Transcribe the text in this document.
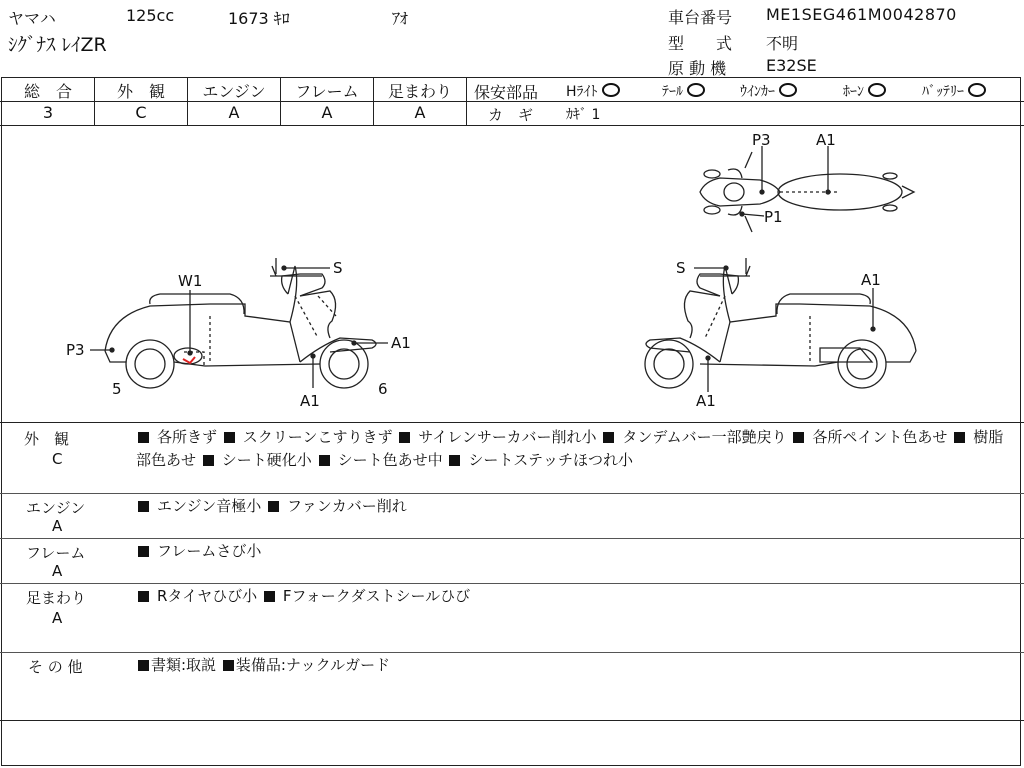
ヤマハ	125cc	1673 ｷﾛ	ｱｵ
ｼｸﾞﾅｽ ﾚｲZR
車台番号 ME1SEG461M0042870
型　　式 不明
原 動 機 E32SE
総　合
3
外　観
C
エンジン
A
フレーム
A
足まわり
A
保安部品 Hﾗｲﾄ	ﾃｰﾙ	ｳｲﾝｶｰ	ﾎｰﾝ	ﾊﾞｯﾃﾘｰ
カ　ギ ｶｷﾞ 1
W1
S
P3	A1
A1
5	6
S
A1
A1
P3	A1
P1
外　観
C
各所きず スクリーンこすりきず サイレンサーカバー削れ小 タンデムバー一部艶戻り 各所ペイント色あせ 樹脂部色あせ シート硬化小 シート色あせ中 シートステッチほつれ小
エンジン
A
エンジン音極小 ファンカバー削れ
フレーム
A
フレームさび小
足まわり
A
Rタイヤひび小 Fフォークダストシールひび
そ の 他	書類:取説 装備品:ナックルガード
